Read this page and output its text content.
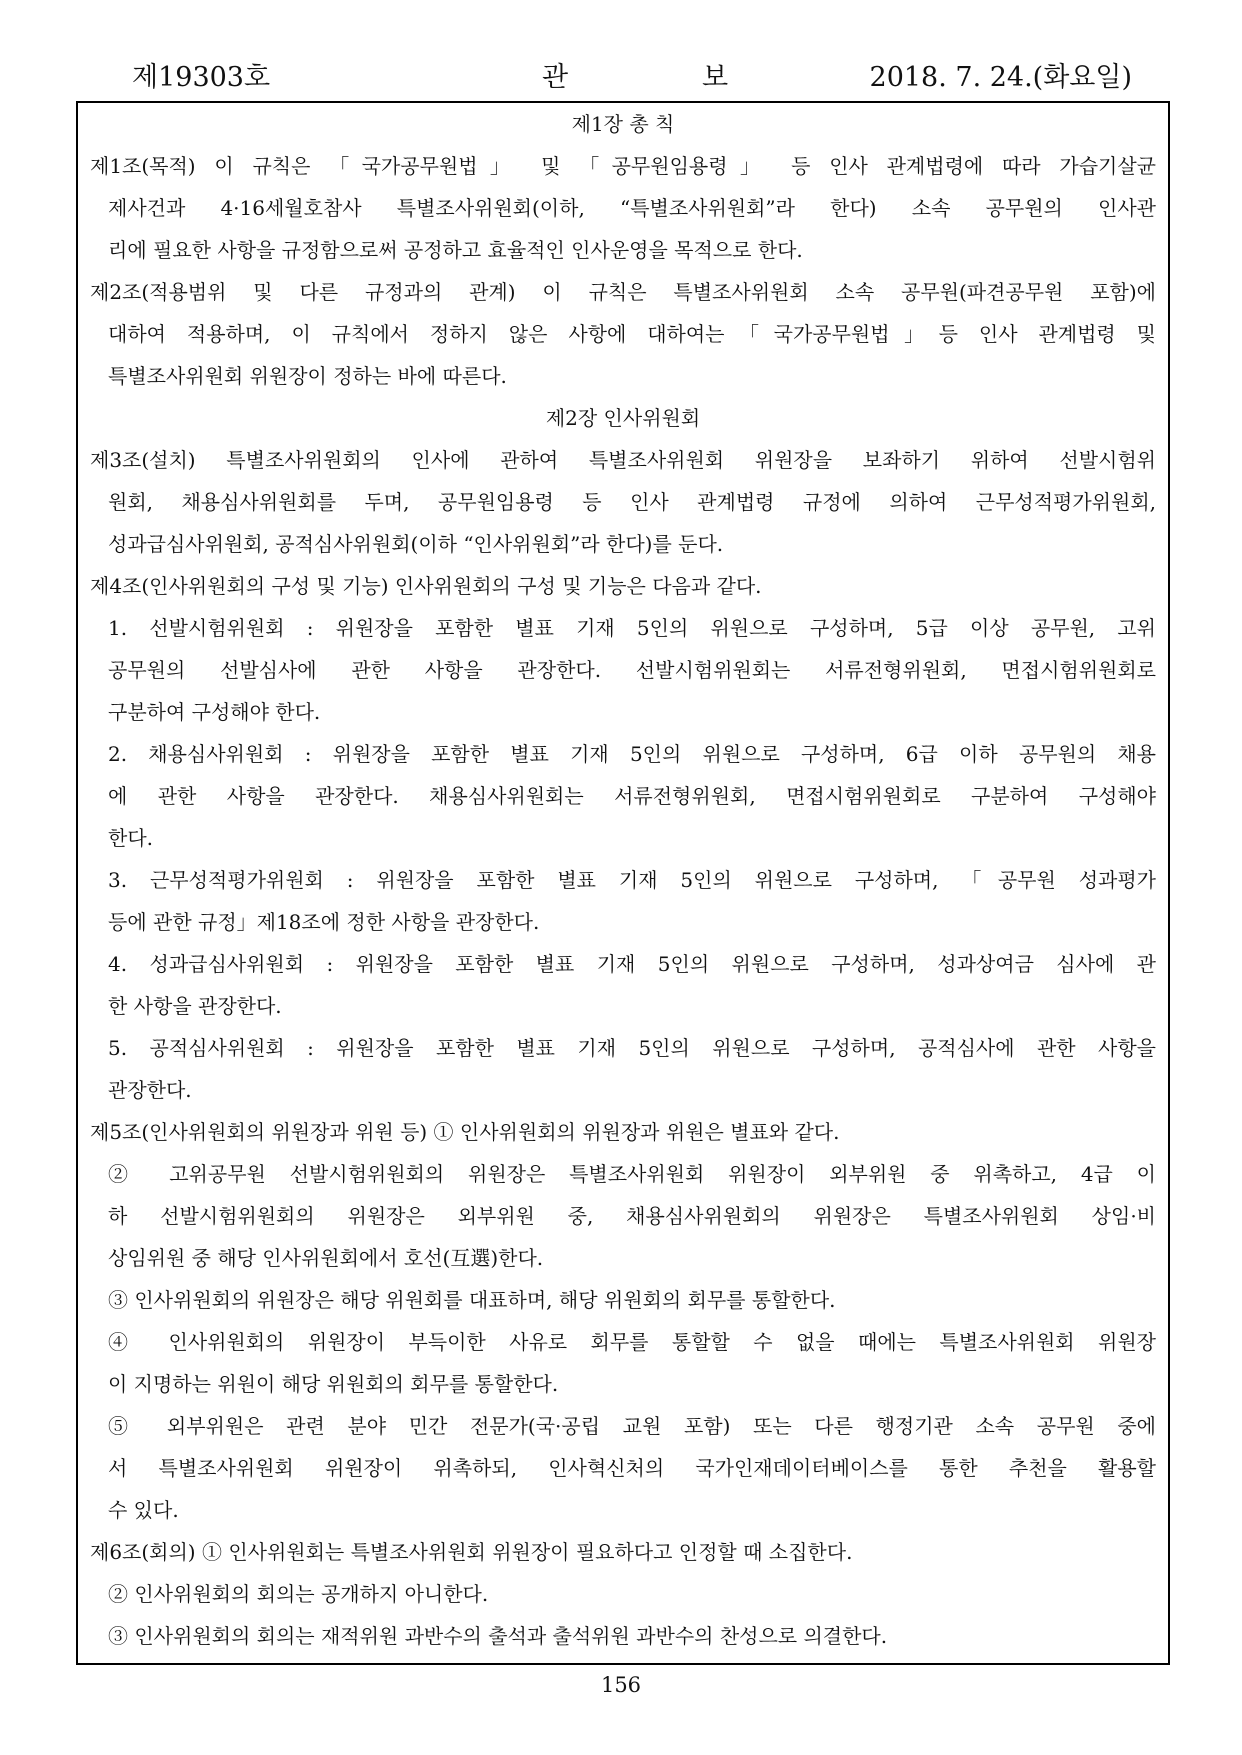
제19303호	관	보	2018. 7. 24.(화요일)
제1장 총 칙
제1조(목적) 이 규칙은 「국가공무원법」 및 「공무원임용령」 등 인사 관계법령에 따라 가습기살균
제사건과 4·16세월호참사 특별조사위원회(이하, “특별조사위원회”라 한다) 소속 공무원의 인사관
리에 필요한 사항을 규정함으로써 공정하고 효율적인 인사운영을 목적으로 한다.
제2조(적용범위 및 다른 규정과의 관계) 이 규칙은 특별조사위원회 소속 공무원(파견공무원 포함)에
대하여 적용하며, 이 규칙에서 정하지 않은 사항에 대하여는「국가공무원법」등 인사 관계법령 및
특별조사위원회 위원장이 정하는 바에 따른다.
제2장 인사위원회
제3조(설치) 특별조사위원회의 인사에 관하여 특별조사위원회 위원장을 보좌하기 위하여 선발시험위
원회, 채용심사위원회를 두며, 공무원임용령 등 인사 관계법령 규정에 의하여 근무성적평가위원회,
성과급심사위원회, 공적심사위원회(이하 “인사위원회”라 한다)를 둔다.
제4조(인사위원회의 구성 및 기능) 인사위원회의 구성 및 기능은 다음과 같다.
1. 선발시험위원회 : 위원장을 포함한 별표 기재 5인의 위원으로 구성하며, 5급 이상 공무원, 고위
공무원의 선발심사에 관한 사항을 관장한다. 선발시험위원회는 서류전형위원회, 면접시험위원회로
구분하여 구성해야 한다.
2. 채용심사위원회 : 위원장을 포함한 별표 기재 5인의 위원으로 구성하며, 6급 이하 공무원의 채용
에 관한 사항을 관장한다. 채용심사위원회는 서류전형위원회, 면접시험위원회로 구분하여 구성해야
한다.
3. 근무성적평가위원회 : 위원장을 포함한 별표 기재 5인의 위원으로 구성하며, 「공무원 성과평가
등에 관한 규정」제18조에 정한 사항을 관장한다.
4. 성과급심사위원회 : 위원장을 포함한 별표 기재 5인의 위원으로 구성하며, 성과상여금 심사에 관
한 사항을 관장한다.
5. 공적심사위원회 : 위원장을 포함한 별표 기재 5인의 위원으로 구성하며, 공적심사에 관한 사항을
관장한다.
제5조(인사위원회의 위원장과 위원 등) ① 인사위원회의 위원장과 위원은 별표와 같다.
② 고위공무원 선발시험위원회의 위원장은 특별조사위원회 위원장이 외부위원 중 위촉하고, 4급 이
하 선발시험위원회의 위원장은 외부위원 중, 채용심사위원회의 위원장은 특별조사위원회 상임·비
상임위원 중 해당 인사위원회에서 호선(互選)한다.
③ 인사위원회의 위원장은 해당 위원회를 대표하며, 해당 위원회의 회무를 통할한다.
④ 인사위원회의 위원장이 부득이한 사유로 회무를 통할할 수 없을 때에는 특별조사위원회 위원장
이 지명하는 위원이 해당 위원회의 회무를 통할한다.
⑤ 외부위원은 관련 분야 민간 전문가(국·공립 교원 포함) 또는 다른 행정기관 소속 공무원 중에
서 특별조사위원회 위원장이 위촉하되, 인사혁신처의 국가인재데이터베이스를 통한 추천을 활용할
수 있다.
제6조(회의) ① 인사위원회는 특별조사위원회 위원장이 필요하다고 인정할 때 소집한다.
② 인사위원회의 회의는 공개하지 아니한다.
③ 인사위원회의 회의는 재적위원 과반수의 출석과 출석위원 과반수의 찬성으로 의결한다.
156
